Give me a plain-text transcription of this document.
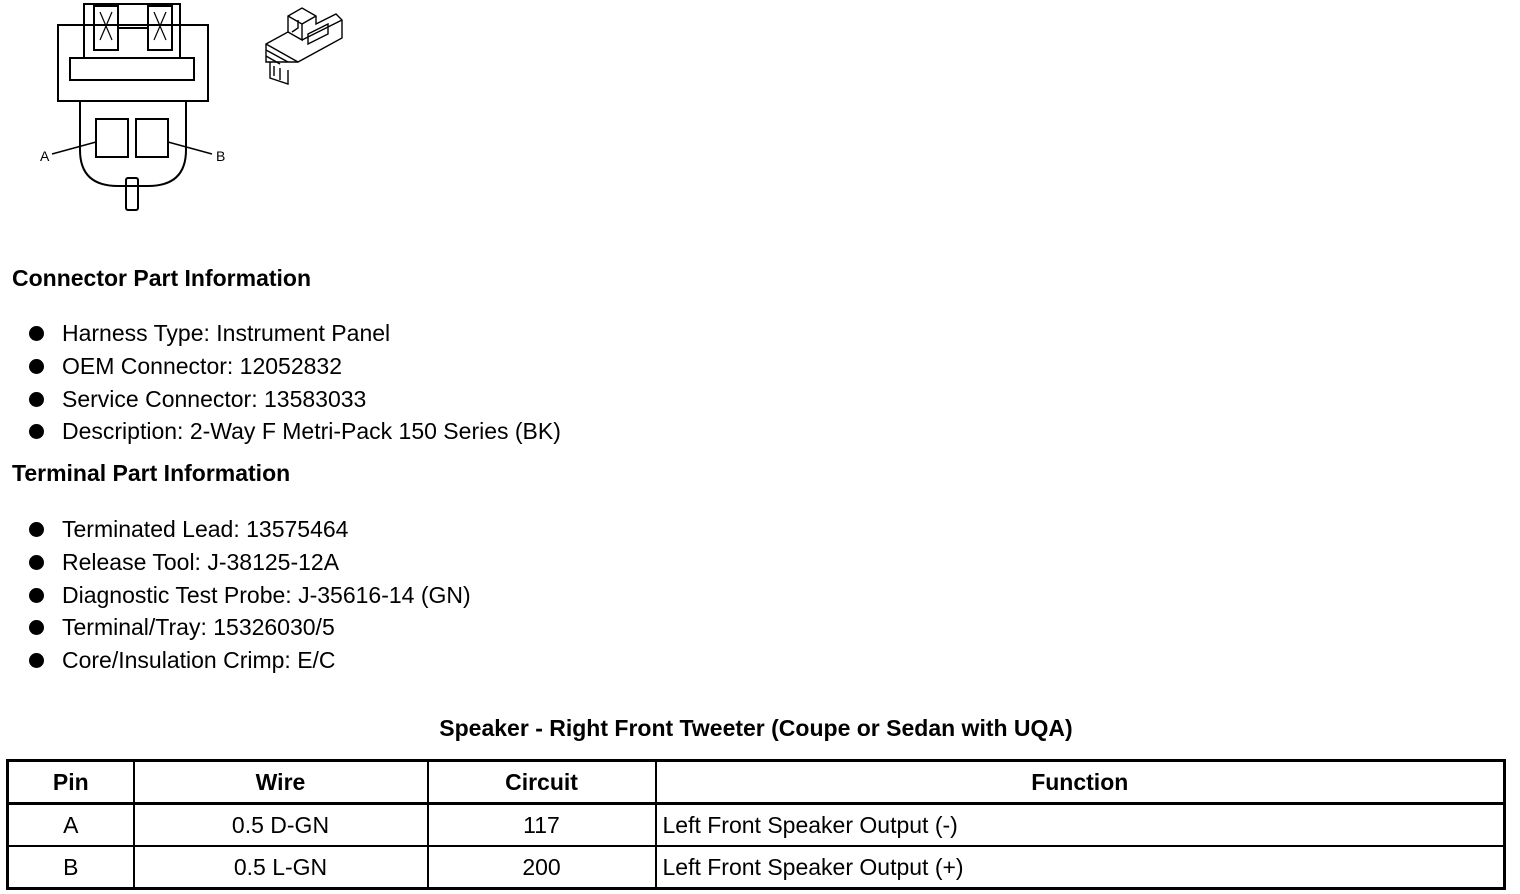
A	B
Connector Part Information
Harness Type: Instrument Panel
OEM Connector: 12052832
Service Connector: 13583033
Description: 2-Way F Metri-Pack 150 Series (BK)
Terminal Part Information
Terminated Lead: 13575464
Release Tool: J-38125-12A
Diagnostic Test Probe: J-35616-14 (GN)
Terminal/Tray: 15326030/5
Core/Insulation Crimp: E/C
Speaker - Right Front Tweeter (Coupe or Sedan with UQA)
Pin	Wire	Circuit	Function
A	0.5 D-GN	117	Left Front Speaker Output (-)
B	0.5 L-GN	200	Left Front Speaker Output (+)
